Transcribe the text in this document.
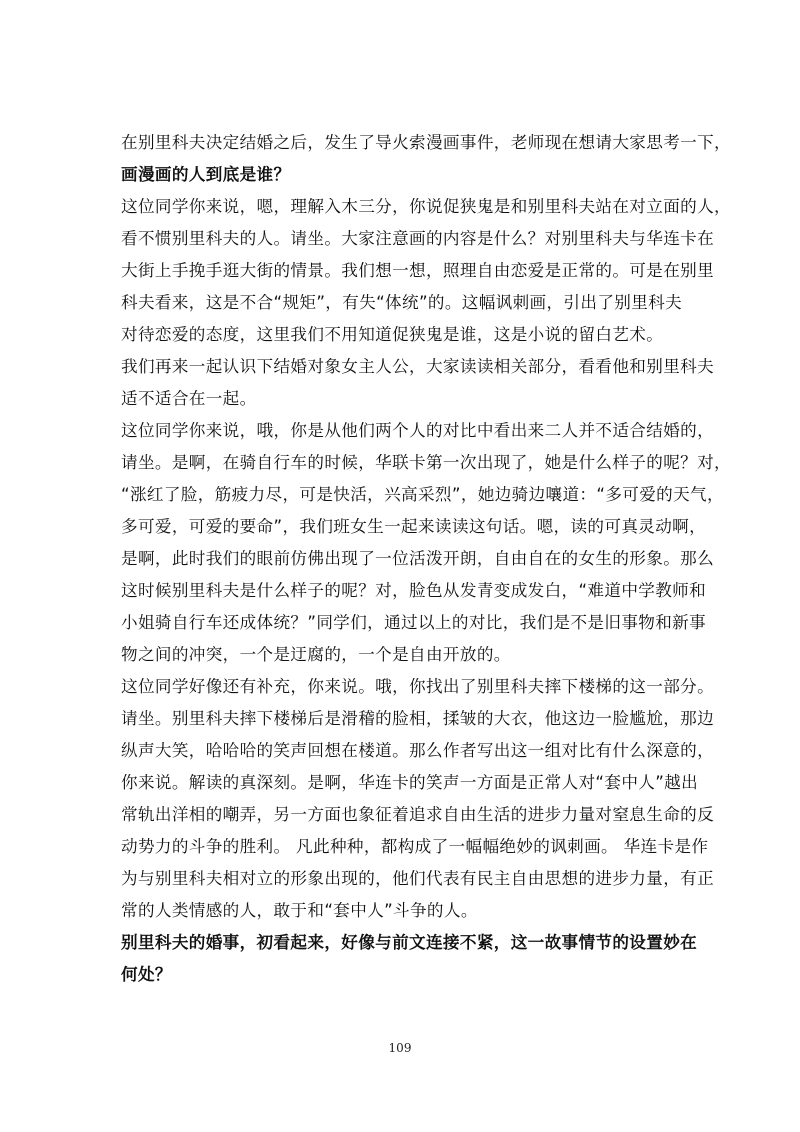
在别里科夫决定结婚之后，发生了导火索漫画事件，老师现在想请大家思考一下，
画漫画的人到底是谁？
这位同学你来说，嗯，理解入木三分，你说促狭鬼是和别里科夫站在对立面的人，
看不惯别里科夫的人。请坐。大家注意画的内容是什么？对别里科夫与华连卡在
大街上手挽手逛大街的情景。我们想一想，照理自由恋爱是正常的。可是在别里
科夫看来，这是不合“规矩”，有失“体统”的。这幅讽刺画，引出了别里科夫
对待恋爱的态度，这里我们不用知道促狭鬼是谁，这是小说的留白艺术。
我们再来一起认识下结婚对象女主人公，大家读读相关部分，看看他和别里科夫
适不适合在一起。
这位同学你来说，哦，你是从他们两个人的对比中看出来二人并不适合结婚的，
请坐。是啊，在骑自行车的时候，华联卡第一次出现了，她是什么样子的呢？对，
“涨红了脸，筋疲力尽，可是快活，兴高采烈”，她边骑边嚷道：“多可爱的天气，
多可爱，可爱的要命”，我们班女生一起来读读这句话。嗯，读的可真灵动啊，
是啊，此时我们的眼前仿佛出现了一位活泼开朗，自由自在的女生的形象。那么
这时候别里科夫是什么样子的呢？对，脸色从发青变成发白，“难道中学教师和
小姐骑自行车还成体统？”同学们，通过以上的对比，我们是不是旧事物和新事
物之间的冲突，一个是迂腐的，一个是自由开放的。
这位同学好像还有补充，你来说。哦，你找出了别里科夫摔下楼梯的这一部分。
请坐。别里科夫摔下楼梯后是滑稽的脸相，揉皱的大衣，他这边一脸尴尬，那边
纵声大笑，哈哈哈的笑声回想在楼道。那么作者写出这一组对比有什么深意的，
你来说。解读的真深刻。是啊，华连卡的笑声一方面是正常人对“套中人”越出
常轨出洋相的嘲弄，另一方面也象征着追求自由生活的进步力量对窒息生命的反
动势力的斗争的胜利。 凡此种种，都构成了一幅幅绝妙的讽刺画。 华连卡是作
为与别里科夫相对立的形象出现的，他们代表有民主自由思想的进步力量，有正
常的人类情感的人，敢于和“套中人”斗争的人。
别里科夫的婚事，初看起来，好像与前文连接不紧，这一故事情节的设置妙在
何处？
109
